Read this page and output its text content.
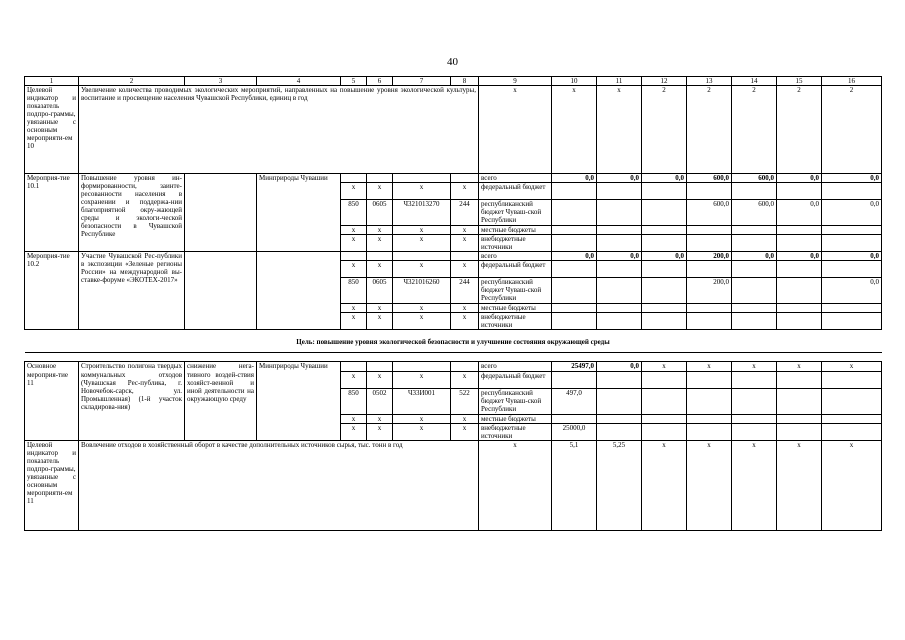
40
1	2	3	4	5	6	7	8	9	10	11	12	13	14	15	16
Целевой индикатор и показатель подпро-граммы, увязанные с основным мероприяти-ем 10	Увеличение количества проводимых экологических мероприятий, направленных на повышение уровня экологической культуры, воспитание и просвещение населения Чувашской Республики, единиц в год							x	x	x	2	2	2	2	2
Мероприя-тие 10.1	Повышение уровня ин-формированности, заинте-ресованности населения в сохранении и поддержа-нии благоприятной окру-жающей среды и экологи-ческой безопасности в Чувашской Республике		Минприроды Чувашии					всего	0,0	0,0	0,0	600,0	600,0	0,0	0,0
				x	x	x	x	федеральный бюджет							
				850	0605	Ч321013270	244	республиканский бюджет Чуваш-ской Республики				600,0	600,0	0,0	0,0
				x	x	x	x	местные бюджеты							
				x	x	x	x	внебюджетные источники							
Мероприя-тие 10.2	Участие Чувашской Рес-публики в экспозиции «Зеленые регионы России» на международной вы-ставке-форуме «ЭКОТЕХ-2017»							всего	0,0	0,0	0,0	200,0	0,0	0,0	0,0
				x	x	x	x	федеральный бюджет							
				850	0605	Ч321016260	244	республиканский бюджет Чуваш-ской Республики				200,0			0,0
				x	x	x	x	местные бюджеты							
				x	x	x	x	внебюджетные источники							
Цель: повышение уровня экологической безопасности и улучшение состояния окружающей среды															

Основное мероприя-тие 11	Строительство полигона твердых коммунальных отходов (Чувашская Рес-публика, г. Новочебок-сарск, ул. Промышленная) (1-й участок складирова-ния)	снижение нега-тивного воздей-ствия хозяйст-венной и иной деятельности на окружающую среду	Минприроды Чувашии					всего	25497,0	0,0	x	x	x	x	x
				x	x	x	x	федеральный бюджет							
				850	0502	Ч33И001	522	республиканский бюджет Чуваш-ской Республики	497,0						
				x	x	x	x	местные бюджеты							
				x	x	x	x	внебюджетные источники	25000,0						
Целевой индикатор и показатель подпро-граммы, увязанные с основным мероприяти-ем 11	Вовлечение отходов в хозяйственный оборот в качестве дополнительных источников сырья, тыс. тонн в год							x	5,1	5,25	x	x	x	x	x
